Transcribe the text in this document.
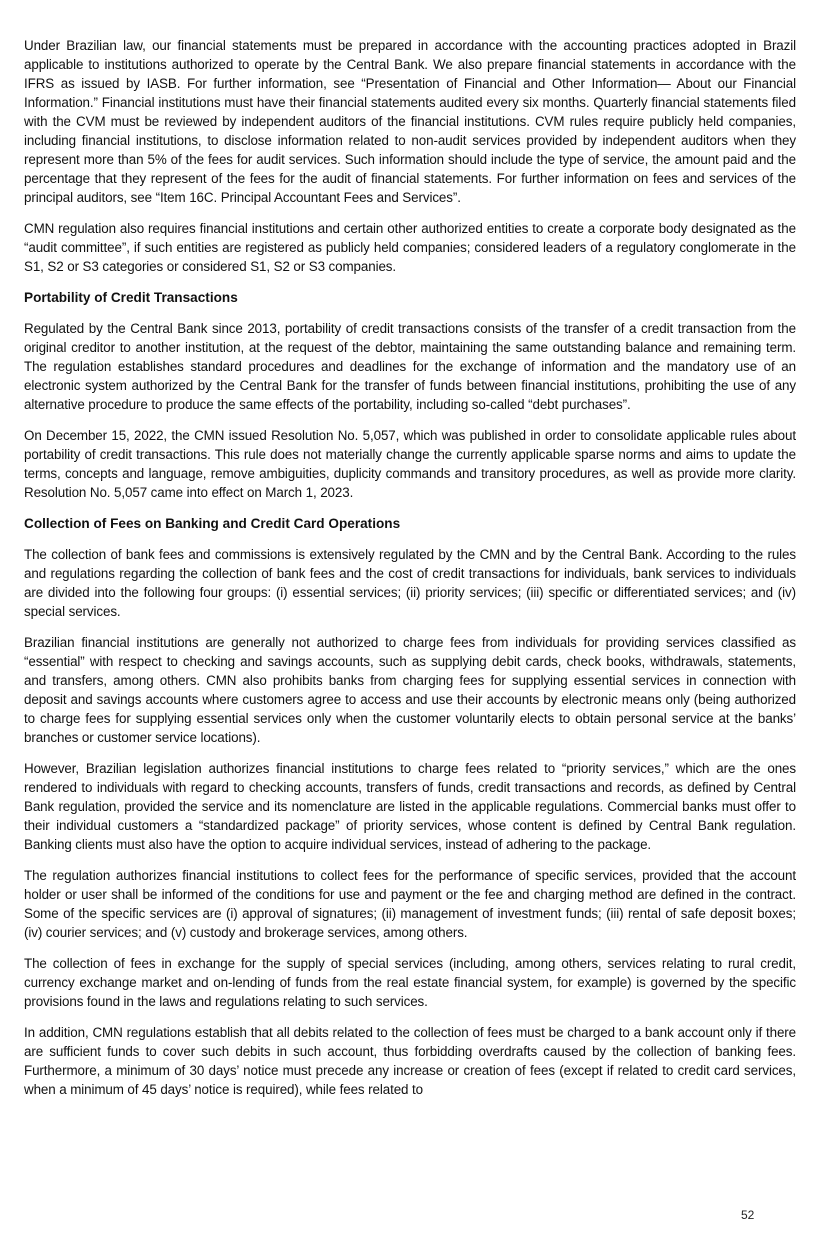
Under Brazilian law, our financial statements must be prepared in accordance with the accounting practices adopted in Brazil applicable to institutions authorized to operate by the Central Bank. We also prepare financial statements in accordance with the IFRS as issued by IASB. For further information, see “Presentation of Financial and Other Information— About our Financial Information.” Financial institutions must have their financial statements audited every six months. Quarterly financial statements filed with the CVM must be reviewed by independent auditors of the financial institutions. CVM rules require publicly held companies, including financial institutions, to disclose information related to non-audit services provided by independent auditors when they represent more than 5% of the fees for audit services. Such information should include the type of service, the amount paid and the percentage that they represent of the fees for the audit of financial statements. For further information on fees and services of the principal auditors, see “Item 16C. Principal Accountant Fees and Services”.

CMN regulation also requires financial institutions and certain other authorized entities to create a corporate body designated as the “audit committee”, if such entities are registered as publicly held companies; considered leaders of a regulatory conglomerate in the S1, S2 or S3 categories or considered S1, S2 or S3 companies.

Portability of Credit Transactions

Regulated by the Central Bank since 2013, portability of credit transactions consists of the transfer of a credit transaction from the original creditor to another institution, at the request of the debtor, maintaining the same outstanding balance and remaining term. The regulation establishes standard procedures and deadlines for the exchange of information and the mandatory use of an electronic system authorized by the Central Bank for the transfer of funds between financial institutions, prohibiting the use of any alternative procedure to produce the same effects of the portability, including so-called “debt purchases”.

On December 15, 2022, the CMN issued Resolution No. 5,057, which was published in order to consolidate applicable rules about portability of credit transactions. This rule does not materially change the currently applicable sparse norms and aims to update the terms, concepts and language, remove ambiguities, duplicity commands and transitory procedures, as well as provide more clarity. Resolution No. 5,057 came into effect on March 1, 2023.

Collection of Fees on Banking and Credit Card Operations

The collection of bank fees and commissions is extensively regulated by the CMN and by the Central Bank. According to the rules and regulations regarding the collection of bank fees and the cost of credit transactions for individuals, bank services to individuals are divided into the following four groups: (i) essential services; (ii) priority services; (iii) specific or differentiated services; and (iv) special services.

Brazilian financial institutions are generally not authorized to charge fees from individuals for providing services classified as “essential” with respect to checking and savings accounts, such as supplying debit cards, check books, withdrawals, statements, and transfers, among others. CMN also prohibits banks from charging fees for supplying essential services in connection with deposit and savings accounts where customers agree to access and use their accounts by electronic means only (being authorized to charge fees for supplying essential services only when the customer voluntarily elects to obtain personal service at the banks’ branches or customer service locations).

However, Brazilian legislation authorizes financial institutions to charge fees related to “priority services,” which are the ones rendered to individuals with regard to checking accounts, transfers of funds, credit transactions and records, as defined by Central Bank regulation, provided the service and its nomenclature are listed in the applicable regulations. Commercial banks must offer to their individual customers a “standardized package” of priority services, whose content is defined by Central Bank regulation. Banking clients must also have the option to acquire individual services, instead of adhering to the package.

The regulation authorizes financial institutions to collect fees for the performance of specific services, provided that the account holder or user shall be informed of the conditions for use and payment or the fee and charging method are defined in the contract. Some of the specific services are (i) approval of signatures; (ii) management of investment funds; (iii) rental of safe deposit boxes; (iv) courier services; and (v) custody and brokerage services, among others.

The collection of fees in exchange for the supply of special services (including, among others, services relating to rural credit, currency exchange market and on-lending of funds from the real estate financial system, for example) is governed by the specific provisions found in the laws and regulations relating to such services.

In addition, CMN regulations establish that all debits related to the collection of fees must be charged to a bank account only if there are sufficient funds to cover such debits in such account, thus forbidding overdrafts caused by the collection of banking fees. Furthermore, a minimum of 30 days’ notice must precede any increase or creation of fees (except if related to credit card services, when a minimum of 45 days’ notice is required), while fees related to

52
